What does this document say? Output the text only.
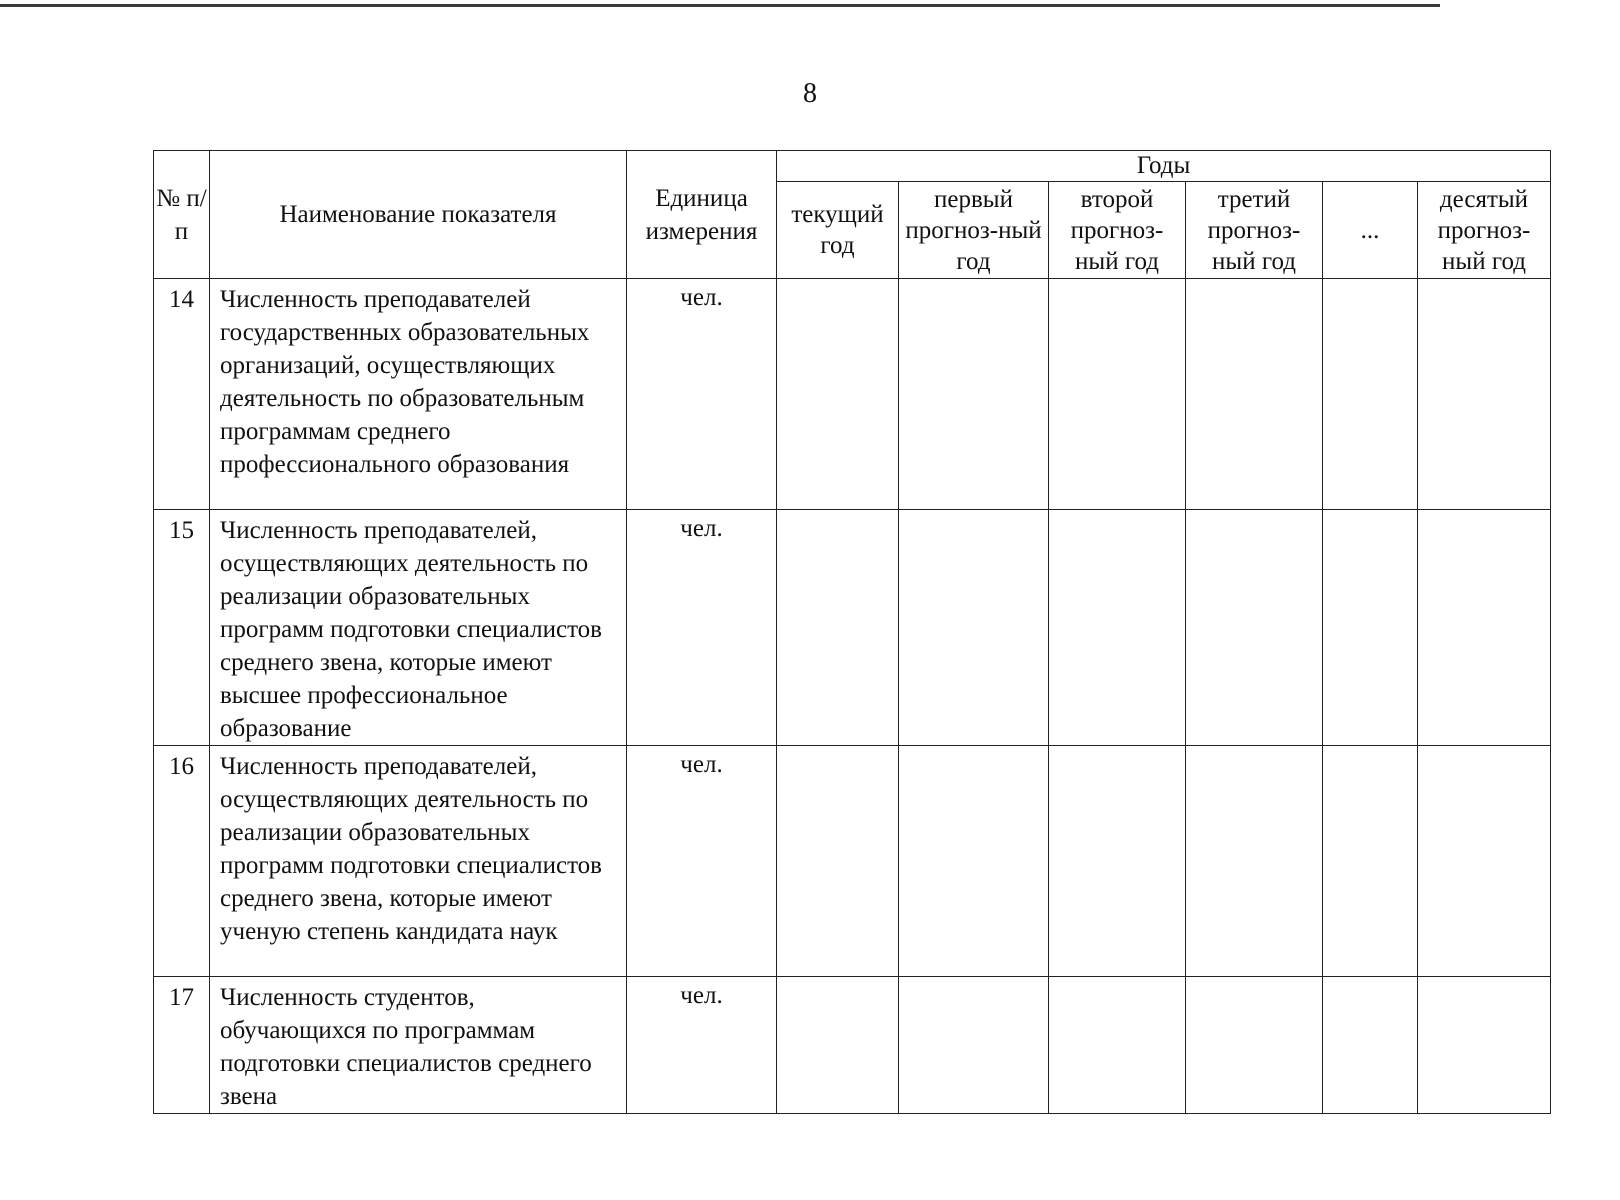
8
№ п/п	Наименование показателя	Единица измерения	Годы					
			текущий год	первый прогноз-ный год	второй прогноз-ный год	третий прогноз-ный год	...	десятый прогноз-ный год
14	Численность преподавателей государственных образовательных организаций, осуществляющих деятельность по образовательным программам среднего профессионального образования	чел.						
15	Численность преподавателей, осуществляющих деятельность по реализации образовательных программ подготовки специалистов среднего звена, которые имеют высшее профессиональное образование	чел.						
16	Численность преподавателей, осуществляющих деятельность по реализации образовательных программ подготовки специалистов среднего звена, которые имеют ученую степень кандидата наук	чел.						
17	Численность студентов, обучающихся по программам подготовки специалистов среднего звена	чел.						
